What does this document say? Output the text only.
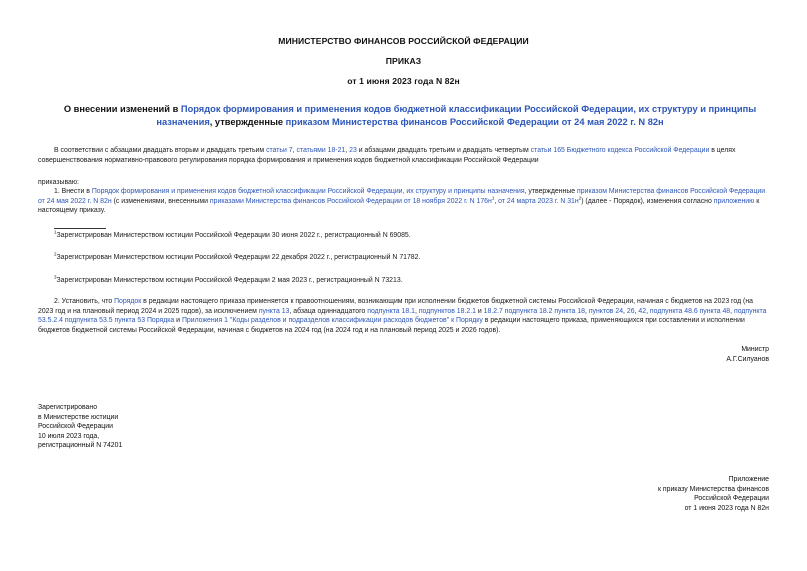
МИНИСТЕРСТВО ФИНАНСОВ РОССИЙСКОЙ ФЕДЕРАЦИИ
ПРИКАЗ
от 1 июня 2023 года N 82н
О внесении изменений в Порядок формирования и применения кодов бюджетной классификации Российской Федерации, их структуру и принципы назначения, утвержденные приказом Министерства финансов Российской Федерации от 24 мая 2022 г. N 82н
В соответствии с абзацами двадцать вторым и двадцать третьим статьи 7, статьями 18-21, 23 и абзацами двадцать третьим и двадцать четвертым статьи 165 Бюджетного кодекса Российской Федерации в целях совершенствования нормативно-правового регулирования порядка формирования и применения кодов бюджетной классификации Российской Федерации
приказываю:
1. Внести в Порядок формирования и применения кодов бюджетной классификации Российской Федерации, их структуру и принципы назначения, утвержденные приказом Министерства финансов Российской Федерации от 24 мая 2022 г. N 82н (с изменениями, внесенными приказами Министерства финансов Российской Федерации от 18 ноября 2022 г. N $176н^1$, от 24 марта 2023 г. N $31н^2$) (далее - Порядок), изменения согласно приложению к настоящему приказу.
$^1$Зарегистрирован Министерством юстиции Российской Федерации 30 июня 2022 г., регистрационный N 69085.
$^2$Зарегистрирован Министерством юстиции Российской Федерации 22 декабря 2022 г., регистрационный N 71782.
$^3$Зарегистрирован Министерством юстиции Российской Федерации 2 мая 2023 г., регистрационный N 73213.
2. Установить, что Порядок в редакции настоящего приказа применяется к правоотношениям, возникающим при исполнении бюджетов бюджетной системы Российской Федерации, начиная с бюджетов на 2023 год (на 2023 год и на плановый период 2024 и 2025 годов), за исключением пункта 13, абзаца одиннадцатого подпункта 18.1, подпунктов 18.2.1 и 18.2.7 подпункта 18.2 пункта 18, пунктов 24, 26, 42, подпункта 48.6 пункта 48, подпункта 53.5.2.4 подпункта 53.5 пункта 53 Порядка и Приложения 1 "Коды разделов и подразделов классификации расходов бюджетов" к Порядку в редакции настоящего приказа, применяющихся при составлении и исполнении бюджетов бюджетной системы Российской Федерации, начиная с бюджетов на 2024 год (на 2024 год и на плановый период 2025 и 2026 годов).
Министр
А.Г.Силуанов
Зарегистрировано
в Министерстве юстиции
Российской Федерации
10 июля 2023 года,
регистрационный N 74201
Приложение
к приказу Министерства финансов
Российской Федерации
от 1 июня 2023 года N 82н
